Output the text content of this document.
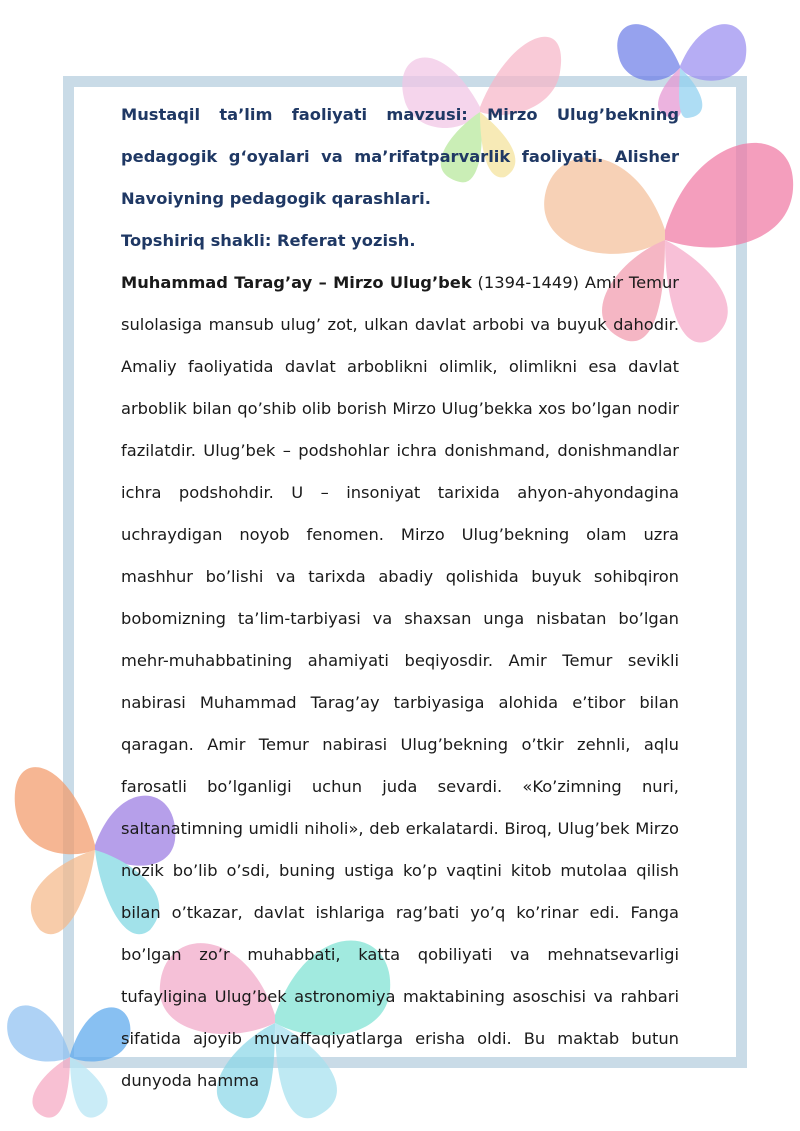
Mustaqil ta’lim faoliyati mavzusi: Mirzo Ulug’bekning pedagogik g‘oyalari va ma’rifatparvarlik faoliyati. Alisher Navoiyning pedagogik qarashlari.

Topshiriq shakli: Referat yozish.

Muhammad Tarag’ay – Mirzo Ulug’bek (1394-1449) Amir Temur sulolasiga mansub ulug’ zot, ulkan davlat arbobi va buyuk dahodir. Amaliy faoliyatida davlat arboblikni olimlik, olimlikni esa davlat arboblik bilan qo’shib olib borish Mirzo Ulug’bekka xos bo’lgan nodir fazilatdir. Ulug’bek – podshohlar ichra donishmand, donishmandlar ichra podshohdir. U – insoniyat tarixida ahyon-ahyondagina uchraydigan noyob fenomen. Mirzo Ulug’bekning olam uzra mashhur bo’lishi va tarixda abadiy qolishida buyuk sohibqiron bobomizning ta’lim-tarbiyasi va shaxsan unga nisbatan bo’lgan mehr-muhabbatining ahamiyati beqiyosdir. Amir Temur sevikli nabirasi Muhammad Tarag’ay tarbiyasiga alohida e’tibor bilan qaragan. Amir Temur nabirasi Ulug’bekning o’tkir zehnli, aqlu farosatli bo’lganligi uchun juda sevardi. «Ko’zimning nuri, saltanatimning umidli niholi», deb erkalatardi. Biroq, Ulug’bek Mirzo nozik bo’lib o’sdi, buning ustiga ko’p vaqtini kitob mutolaa qilish bilan o’tkazar, davlat ishlariga rag’bati yo’q ko’rinar edi. Fanga bo’lgan zo’r muhabbati, katta qobiliyati va mehnatsevarligi tufayligina Ulug’bek astronomiya maktabining asoschisi va rahbari sifatida ajoyib muvaffaqiyatlarga erisha oldi. Bu maktab butun dunyoda hamma
